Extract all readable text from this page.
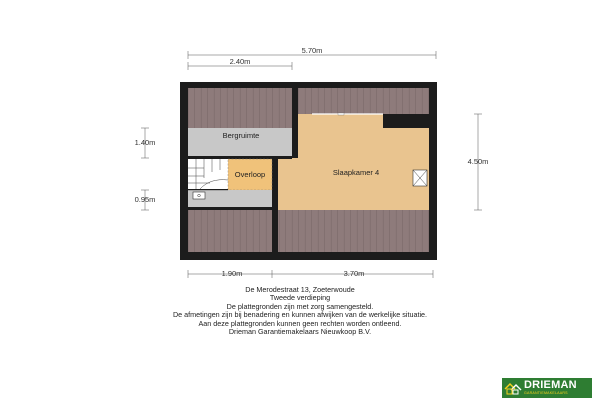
Bergruimte
Overloop	Slaapkamer 4
5.70m
2.40m
1.90m	3.70m
1.40m
0.95m
4.50m
De Merodestraat 13, Zoeterwoude
Tweede verdieping
De plattegronden zijn met zorg samengesteld.
De afmetingen zijn bij benadering en kunnen afwijken van de werkelijke situatie.
Aan deze plattegronden kunnen geen rechten worden ontleend.
Drieman Garantiemakelaars Nieuwkoop B.V.
DRIEMAN
GARANTIEMAKELAARS
